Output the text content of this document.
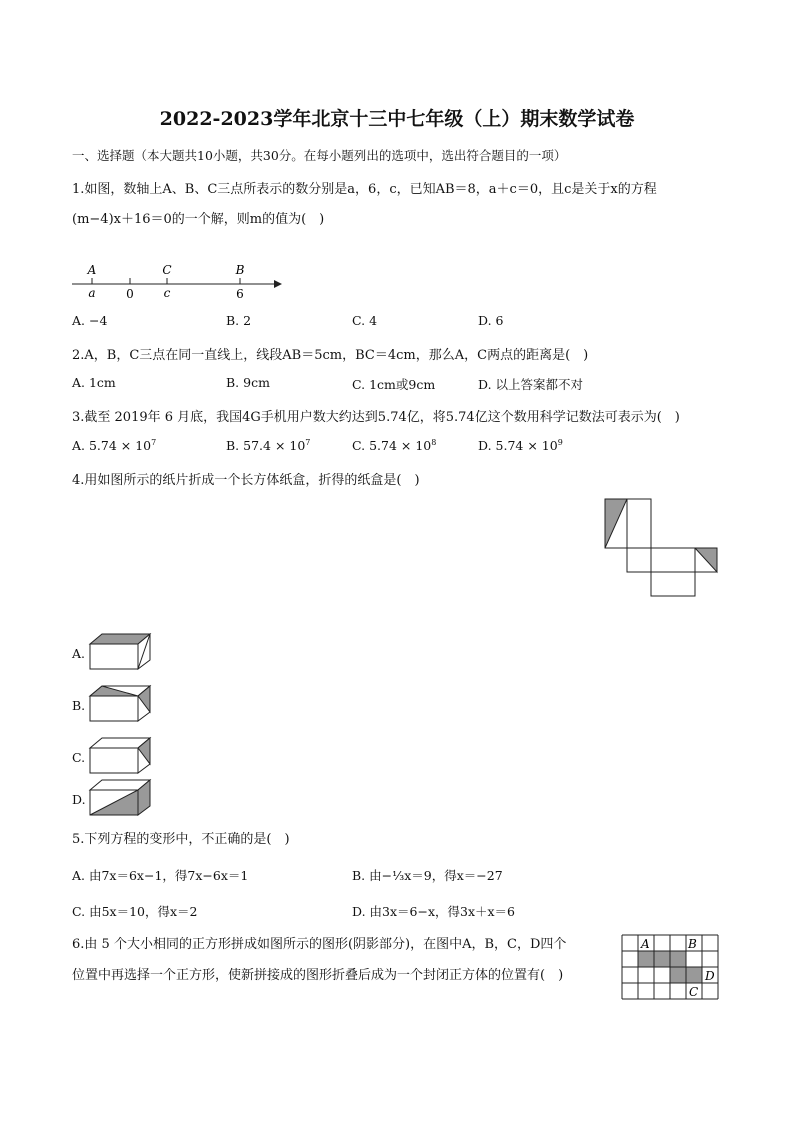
2022-2023学年北京十三中七年级（上）期末数学试卷
一、选择题（本大题共10小题，共30分。在每小题列出的选项中，选出符合题目的一项）
1.如图，数轴上A、B、C三点所表示的数分别是a，6，c，已知AB＝8，a＋c＝0，且c是关于x的方程
(m−4)x＋16＝0的一个解，则m的值为(　)
A	C	B
a	0 c	6
A. −4	B. 2	C. 4	D. 6
2.A，B，C三点在同一直线上，线段AB＝5cm，BC＝4cm，那么A，C两点的距离是(　)
A. 1cm	B. 9cm	C. 1cm或9cm	D. 以上答案都不对
3.截至 2019年 6 月底，我国4G手机用户数大约达到5.74亿，将5.74亿这个数用科学记数法可表示为(　)
A. $5.74 \times 10^7$	B. $57.4 \times 10^7$	C. $5.74 \times 10^8$	D. $5.74 \times 10^9$
4.用如图所示的纸片折成一个长方体纸盒，折得的纸盒是(　)
A.
B.
C.
D.
5.下列方程的变形中，不正确的是(　)
A. 由7x＝6x−1，得7x−6x＝1	B. 由−⅓x＝9，得x＝−27
C. 由5x＝10，得x＝2	D. 由3x＝6−x，得3x＋x＝6
6.由 5 个大小相同的正方形拼成如图所示的图形(阴影部分)，在图中A，B，C，D四个
位置中再选择一个正方形，使新拼接成的图形折叠后成为一个封闭正方体的位置有(　)
A	B
D
C
